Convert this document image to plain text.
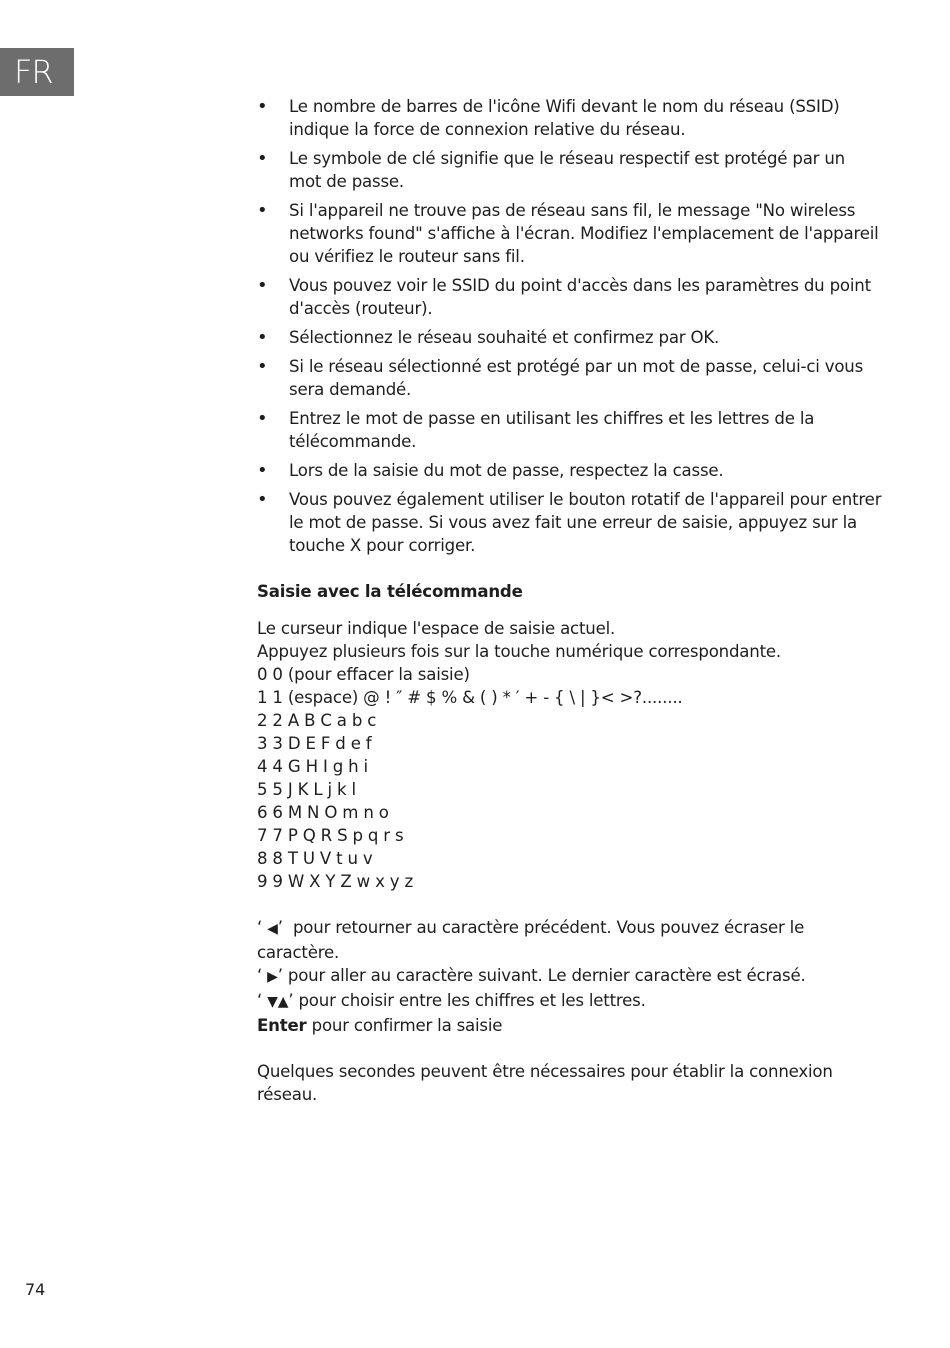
FR
• Le nombre de barres de l'icône Wifi devant le nom du réseau (SSID) indique la force de connexion relative du réseau.
• Le symbole de clé signifie que le réseau respectif est protégé par un mot de passe.
• Si l'appareil ne trouve pas de réseau sans fil, le message "No wireless networks found" s'affiche à l'écran. Modifiez l'emplacement de l'appareil ou vérifiez le routeur sans fil.
• Vous pouvez voir le SSID du point d'accès dans les paramètres du point d'accès (routeur).
• Sélectionnez le réseau souhaité et confirmez par OK.
• Si le réseau sélectionné est protégé par un mot de passe, celui-ci vous sera demandé.
• Entrez le mot de passe en utilisant les chiffres et les lettres de la télécommande.
• Lors de la saisie du mot de passe, respectez la casse.
• Vous pouvez également utiliser le bouton rotatif de l'appareil pour entrer le mot de passe. Si vous avez fait une erreur de saisie, appuyez sur la touche X pour corriger.
Saisie avec la télécommande

Le curseur indique l'espace de saisie actuel.

Appuyez plusieurs fois sur la touche numérique correspondante.

0 0 (pour effacer la saisie)

1 1 (espace) @ ! ″ # $ % & ( ) * ′ + - { \ | }< >?........

2 2 A B C a b c

3 3 D E F d e f

4 4 G H I g h i

5 5 J K L j k l

6 6 M N O m n o

7 7 P Q R S p q r s

8 8 T U V t u v

9 9 W X Y Z w x y z

‘ ◀’  pour retourner au caractère précédent. Vous pouvez écraser le caractère.

‘ ▶’ pour aller au caractère suivant. Le dernier caractère est écrasé.

‘ ▼▲’ pour choisir entre les chiffres et les lettres.

Enter pour confirmer la saisie

Quelques secondes peuvent être nécessaires pour établir la connexion réseau.

74
